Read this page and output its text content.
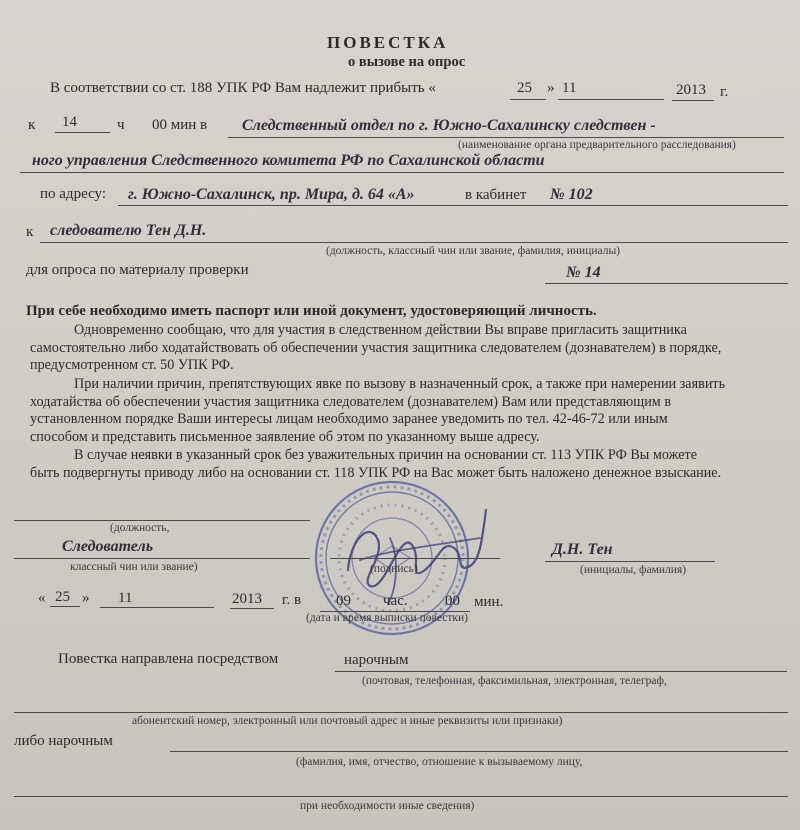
ПОВЕСТКА
о вызове на опрос
В соответствии со ст. 188 УПК РФ Вам надлежит прибыть «	25 » 11	2013 г.
к 14	ч 00 мин в Следственный отдел по г. Южно-Сахалинску следствен -
(наименование органа предварительного расследования)
ного управления Следственного комитета РФ по Сахалинской области
по адресу: г. Южно-Сахалинск, пр. Мира, д. 64 «А»	в кабинет № 102
к следователю Тен Д.Н.
(должность, классный чин или звание, фамилия, инициалы)
для опроса по материалу проверки	№ 14
При себе необходимо иметь паспорт или иной документ, удостоверяющий личность.
Одновременно сообщаю, что для участия в следственном действии Вы вправе пригласить защитника
самостоятельно либо ходатайствовать об обеспечении участия защитника следователем (дознавателем) в порядке,
предусмотренном ст. 50 УПК РФ.
При наличии причин, препятствующих явке по вызову в назначенный срок, а также при намерении заявить
ходатайства об обеспечении участия защитника следователем (дознавателем) Вам или представляющим в
установленном порядке Ваши интересы лицам необходимо заранее уведомить по тел. 42-46-72 или иным
способом и представить письменное заявление об этом по указанному выше адресу.
В случае неявки в указанный срок без уважительных причин на основании ст. 113 УПК РФ Вы можете
быть подвергнуты приводу либо на основании ст. 118 УПК РФ на Вас может быть наложено денежное взыскание.
(должность,
Следователь
классный чин или звание)	(подпись)
Д.Н. Тен
(инициалы, фамилия)
« 25 » 11	2013 г. в 09 час. 00 мин.
(дата и время выписки повестки)
Повестка направлена посредством	нарочным
(почтовая, телефонная, факсимильная, электронная, телеграф,
абонентский номер, электронный или почтовый адрес и иные реквизиты или признаки)
либо нарочным
(фамилия, имя, отчество, отношение к вызываемому лицу,
при необходимости иные сведения)
